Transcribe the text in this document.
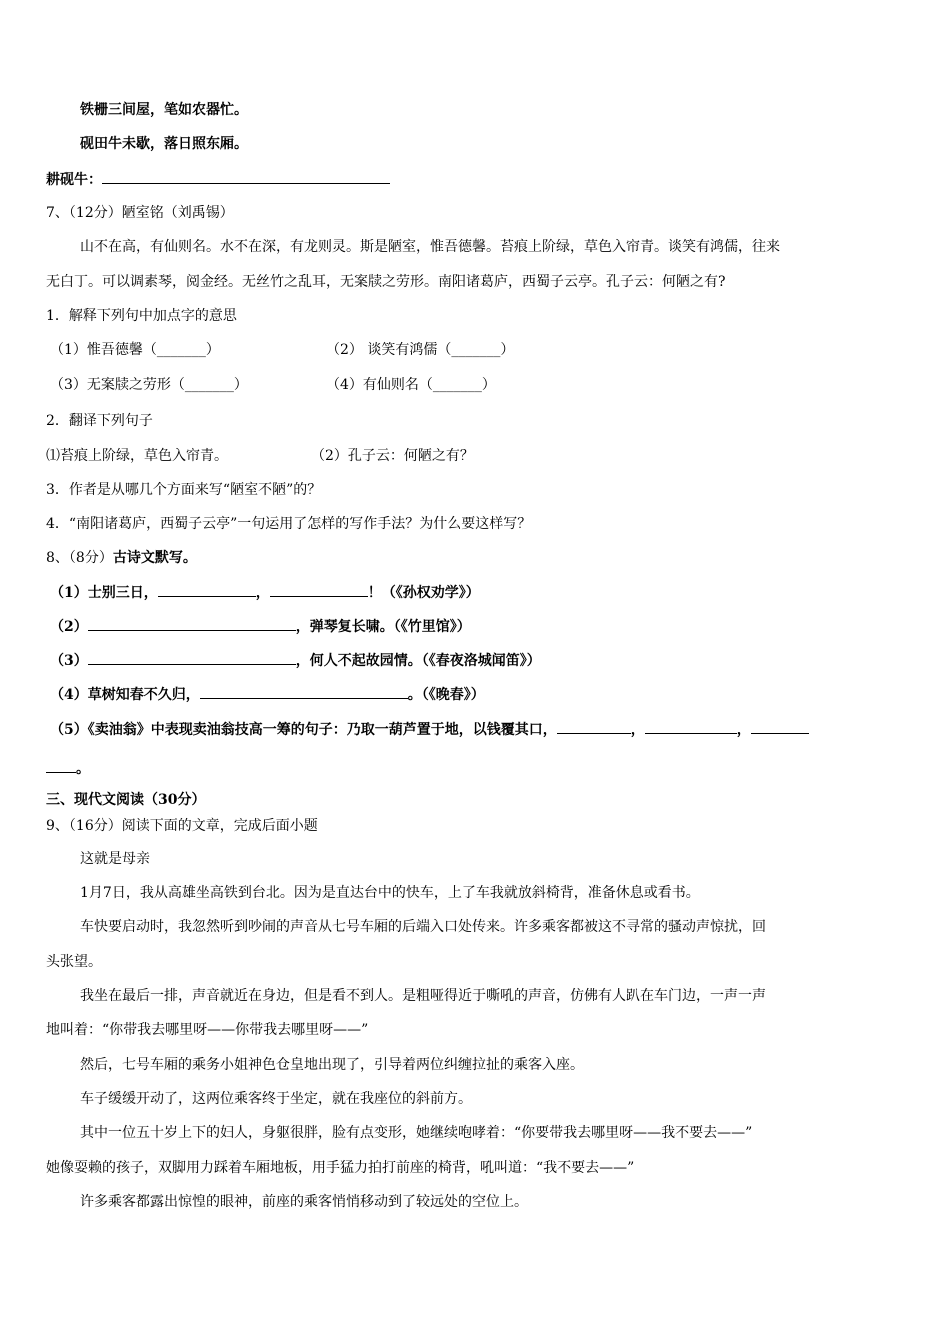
铁栅三间屋，笔如农器忙。
砚田牛未歇，落日照东厢。
耕砚牛：
7、（12分）陋室铭（刘禹锡）
山不在高，有仙则名。水不在深，有龙则灵。斯是陋室，惟吾德馨。苔痕上阶绿，草色入帘青。谈笑有鸿儒，往来
无白丁。可以调素琴，阅金经。无丝竹之乱耳，无案牍之劳形。南阳诸葛庐，西蜀子云亭。孔子云：何陋之有?
1．解释下列句中加点字的意思
（1）惟吾德馨（_______）	（2） 谈笑有鸿儒（_______）
（3）无案牍之劳形（_______）	（4）有仙则名（_______）
2．翻译下列句子
⑴苔痕上阶绿，草色入帘青。	（2）孔子云：何陋之有？
3．作者是从哪几个方面来写“陋室不陋”的？
4．“南阳诸葛庐，西蜀子云亭”一句运用了怎样的写作手法？为什么要这样写？
8、（8分）古诗文默写。
（1）士别三日，	，	！（《孙权劝学》）
（2）	，弹琴复长啸。（《竹里馆》）
（3）	，何人不起故园情。（《春夜洛城闻笛》）
（4）草树知春不久归，	。（《晚春》）
（5）《卖油翁》中表现卖油翁技高一筹的句子：乃取一葫芦置于地，以钱覆其口，	，	，
。
三、现代文阅读（30分）
9、（16分）阅读下面的文章，完成后面小题
这就是母亲
1月7日，我从高雄坐高铁到台北。因为是直达台中的快车，上了车我就放斜椅背，准备休息或看书。
车快要启动时，我忽然听到吵闹的声音从七号车厢的后端入口处传来。许多乘客都被这不寻常的骚动声惊扰，回
头张望。
我坐在最后一排，声音就近在身边，但是看不到人。是粗哑得近于嘶吼的声音，仿佛有人趴在车门边，一声一声
地叫着：“你带我去哪里呀——你带我去哪里呀——”
然后，七号车厢的乘务小姐神色仓皇地出现了，引导着两位纠缠拉扯的乘客入座。
车子缓缓开动了，这两位乘客终于坐定，就在我座位的斜前方。
其中一位五十岁上下的妇人，身躯很胖，脸有点变形，她继续咆哮着：“你要带我去哪里呀——我不要去——”
她像耍赖的孩子，双脚用力踩着车厢地板，用手猛力拍打前座的椅背，吼叫道：“我不要去——”
许多乘客都露出惊惶的眼神，前座的乘客悄悄移动到了较远处的空位上。
